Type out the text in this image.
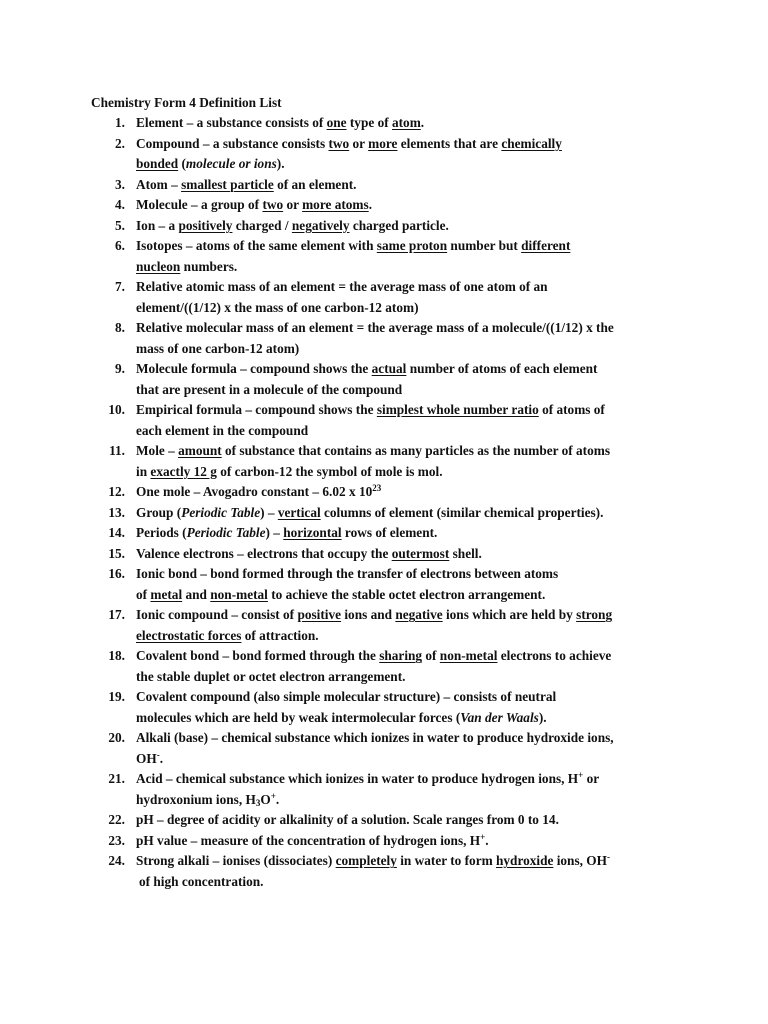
Chemistry Form 4 Definition List
1. Element – a substance consists of one type of atom.
2. Compound – a substance consists two or more elements that are chemically
bonded (molecule or ions).
3. Atom – smallest particle of an element.
4. Molecule – a group of two or more atoms.
5. Ion – a positively charged / negatively charged particle.
6. Isotopes – atoms of the same element with same proton number but different
nucleon numbers.
7. Relative atomic mass of an element = the average mass of one atom of an
element/((1/12) x the mass of one carbon-12 atom)
8. Relative molecular mass of an element = the average mass of a molecule/((1/12) x the
mass of one carbon-12 atom)
9. Molecule formula – compound shows the actual number of atoms of each element
that are present in a molecule of the compound
10. Empirical formula – compound shows the simplest whole number ratio of atoms of
each element in the compound
11. Mole – amount of substance that contains as many particles as the number of atoms
in exactly 12 g of carbon-12 the symbol of mole is mol.
12. One mole – Avogadro constant – 6.02 x $10^{23}$
13. Group (Periodic Table) – vertical columns of element (similar chemical properties).
14. Periods (Periodic Table) – horizontal rows of element.
15. Valence electrons – electrons that occupy the outermost shell.
16. Ionic bond – bond formed through the transfer of electrons between atoms
of metal and non-metal to achieve the stable octet electron arrangement.
17. Ionic compound – consist of positive ions and negative ions which are held by strong
electrostatic forces of attraction.
18. Covalent bond – bond formed through the sharing of non-metal electrons to achieve
the stable duplet or octet electron arrangement.
19. Covalent compound (also simple molecular structure) – consists of neutral
molecules which are held by weak intermolecular forces (Van der Waals).
20. Alkali (base) – chemical substance which ionizes in water to produce hydroxide ions,
OH-.
21. Acid – chemical substance which ionizes in water to produce hydrogen ions, H+ or
hydroxonium ions, $H_3O^+$.
22. pH – degree of acidity or alkalinity of a solution. Scale ranges from 0 to 14.
23. pH value – measure of the concentration of hydrogen ions, H+.
24. Strong alkali – ionises (dissociates) completely in water to form hydroxide ions, OH-
of high concentration.
